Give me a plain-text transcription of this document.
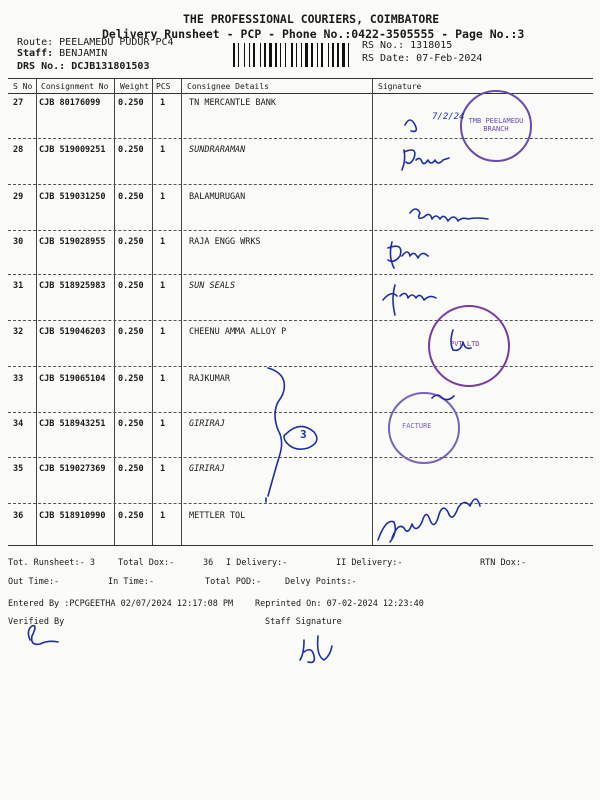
THE PROFESSIONAL COURIERS, COIMBATORE
Delivery Runsheet - PCP - Phone No.:0422-3505555 - Page No.:3
Route: PEELAMEDU PUDUR PC4
Staff: BENJAMIN
DRS No.: DCJB131801503
RS No.: 1318015
RS Date: 07-Feb-2024
S No Consignment No Weight PCS Consignee Details	Signature
27 CJB 80176099 0.250 1	TN MERCANTLE BANK
28 CJB 519009251 0.250 1	SUNDRARAMAN
29 CJB 519031250 0.250 1	BALAMURUGAN
30 CJB 519028955 0.250 1	RAJA ENGG WRKS
31 CJB 518925983 0.250 1	SUN SEALS
32 CJB 519046203 0.250 1	CHEENU AMMA ALLOY P
33 CJB 519065104 0.250 1	RAJKUMAR
34 CJB 518943251 0.250 1	GIRIRAJ
35 CJB 519027369 0.250 1	GIRIRAJ
36 CJB 518910990 0.250 1	METTLER TOL
TMB PEELAMEDU BRANCH
PVT LTD
FACTURE
7/2/24
3
Tot. Runsheet:- 3	Total Dox:-	36 I Delivery:-	II Delivery:-	RTN Dox:-
Out Time:-	In Time:-	Total POD:-	Delvy Points:-
Entered By :PCPGEETHA 02/07/2024 12:17:08 PM	Reprinted On: 07-02-2024 12:23:40
Verified By	Staff Signature
